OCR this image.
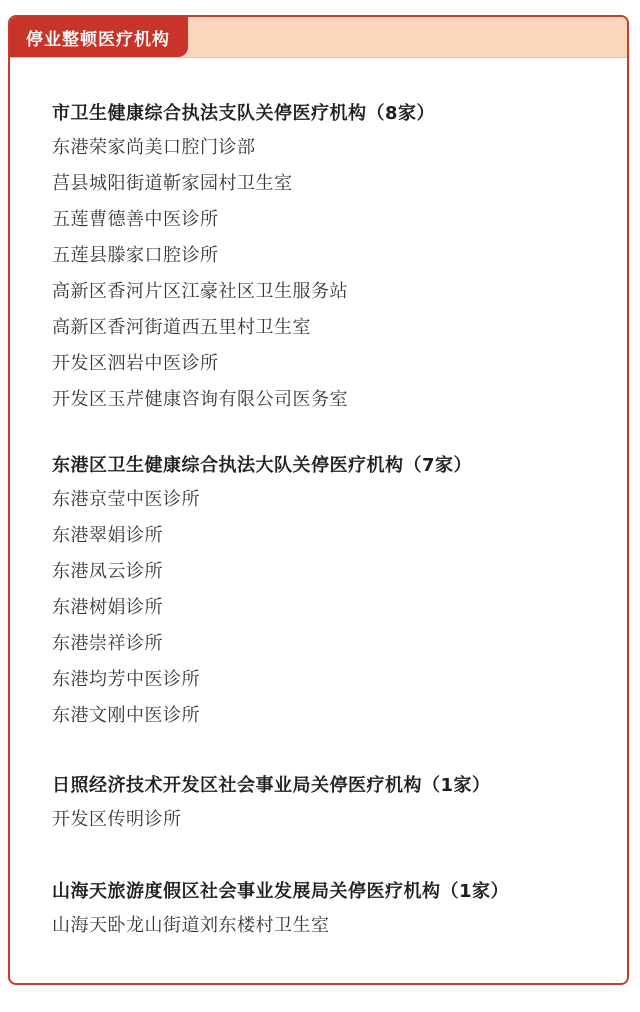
停业整顿医疗机构
市卫生健康综合执法支队关停医疗机构（8家）
东港荣家尚美口腔门诊部
莒县城阳街道靳家园村卫生室
五莲曹德善中医诊所
五莲县滕家口腔诊所
高新区香河片区江豪社区卫生服务站
高新区香河街道西五里村卫生室
开发区泗岩中医诊所
开发区玉芹健康咨询有限公司医务室
东港区卫生健康综合执法大队关停医疗机构（7家）
东港京莹中医诊所
东港翠娟诊所
东港凤云诊所
东港树娟诊所
东港崇祥诊所
东港均芳中医诊所
东港文刚中医诊所
日照经济技术开发区社会事业局关停医疗机构（1家）
开发区传明诊所
山海天旅游度假区社会事业发展局关停医疗机构（1家）
山海天卧龙山街道刘东楼村卫生室
